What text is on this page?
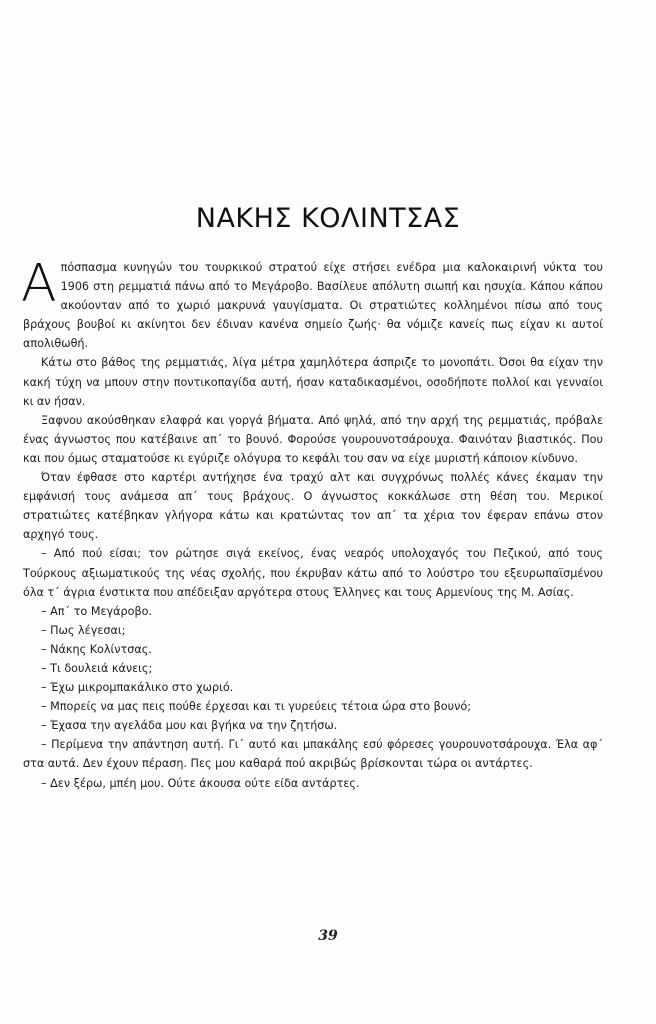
ΝΑΚΗΣ ΚΟΛΙΝΤΣΑΣ

Απόσπασμα κυνηγών του τουρκικού στρατού είχε στήσει ενέδρα μια καλοκαιρινή νύκτα του 1906 στη ρεμματιά πάνω από το Μεγάροβο. Βασίλευε απόλυτη σιωπή και ησυχία. Κάπου κάπου ακούονταν από το χωριό μακρυνά γαυγίσματα. Οι στρατιώτες κολλημένοι πίσω από τους βράχους βουβοί κι ακίνητοι δεν έδιναν κανένα σημείο ζωής· θα νόμιζε κανείς πως είχαν κι αυτοί απολιθωθή.

Κάτω στο βάθος της ρεμματιάς, λίγα μέτρα χαμηλότερα άσπριζε το μονοπάτι. Όσοι θα είχαν την κακή τύχη να μπουν στην ποντικοπαγίδα αυτή, ήσαν καταδικασμένοι, οσοδήποτε πολλοί και γενναίοι κι αν ήσαν.

Ξαφνου ακούσθηκαν ελαφρά και γοργά βήματα. Από ψηλά, από την αρχή της ρεμματιάς, πρόβαλε ένας άγνωστος που κατέβαινε απ΄ το βουνό. Φορούσε γουρουνοτσάρουχα. Φαινόταν βιαστικός. Που και που όμως σταματούσε κι εγύριζε ολόγυρα το κεφάλι του σαν να είχε μυριστή κάποιον κίνδυνο.

Όταν έφθασε στο καρτέρι αντήχησε ένα τραχύ αλτ και συγχρόνως πολλές κάνες έκαμαν την εμφάνισή τους ανάμεσα απ΄ τους βράχους. Ο άγνωστος κοκκάλωσε στη θέση του. Μερικοί στρατιώτες κατέβηκαν γλήγορα κάτω και κρατώντας τον απ΄ τα χέρια τον έφεραν επάνω στον αρχηγό τους.

– Από πού είσαι; τον ρώτησε σιγά εκείνος, ένας νεαρός υπολοχαγός του Πεζικού, από τους Τούρκους αξιωματικούς της νέας σχολής, που έκρυβαν κάτω από το λούστρο του εξευρωπαϊσμένου όλα τ΄ άγρια ένστικτα που απέδειξαν αργότερα στους Έλληνες και τους Αρμενίους της Μ. Ασίας.

– Απ΄ το Μεγάροβο.

– Πως λέγεσαι;

– Νάκης Κολίντσας.

– Τι δουλειά κάνεις;

– Έχω μικρομπακάλικο στο χωριό.

– Μπορείς να μας πεις πούθε έρχεσαι και τι γυρεύεις τέτοια ώρα στο βουνό;

– Έχασα την αγελάδα μου και βγήκα να την ζητήσω.

– Περίμενα την απάντηση αυτή. Γι΄ αυτό και μπακάλης εσύ φόρεσες γουρουνοτσάρουχα. Έλα αφ΄ στα αυτά. Δεν έχουν πέραση. Πες μου καθαρά πού ακριβώς βρίσκονται τώρα οι αντάρτες.

– Δεν ξέρω, μπέη μου. Ούτε άκουσα ούτε είδα αντάρτες.

39
